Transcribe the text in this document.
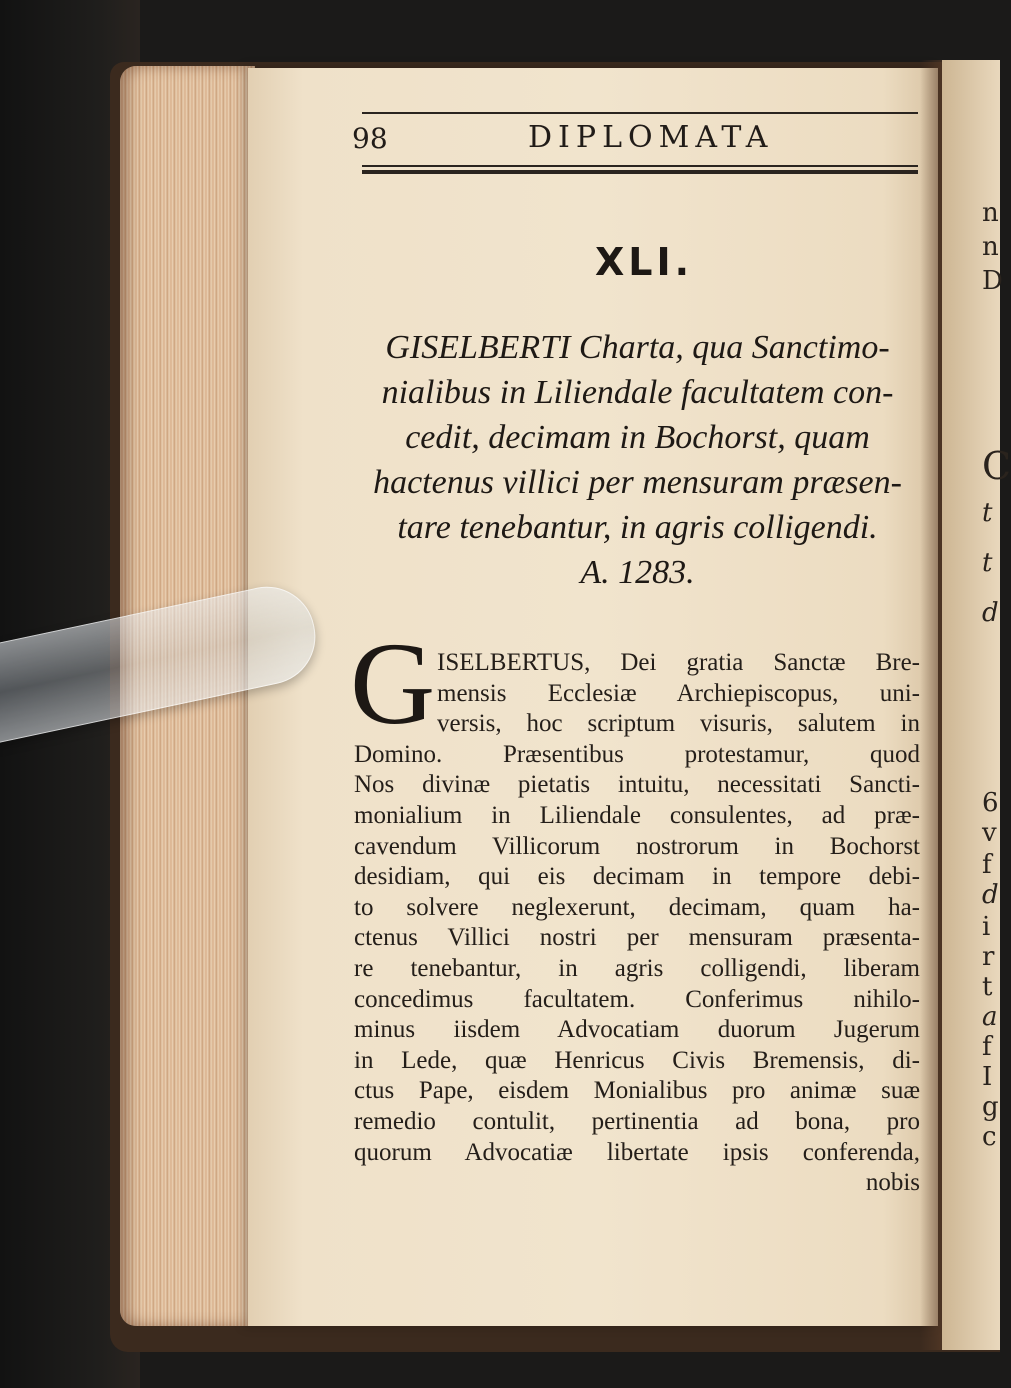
n
n
D
C
t
t
d
6
v
f
d
i
r
t
a
f
I
g
c
98	DIPLOMATA
XLI.
GISELBERTI Charta, qua Sanctimo-
nialibus in Liliendale facultatem con-
cedit, decimam in Bochorst, quam
hactenus villici per mensuram præsen-
tare tenebantur, in agris colligendi.
A. 1283.
G ISELBERTUS, Dei gratia Sanctæ Bre-
mensis Ecclesiæ Archiepiscopus, uni-
versis, hoc scriptum visuris, salutem in
Domino. Præsentibus protestamur, quod
Nos divinæ pietatis intuitu, necessitati Sancti-
monialium in Liliendale consulentes, ad præ-
cavendum Villicorum nostrorum in Bochorst
desidiam, qui eis decimam in tempore debi-
to solvere neglexerunt, decimam, quam ha-
ctenus Villici nostri per mensuram præsenta-
re tenebantur, in agris colligendi, liberam
concedimus facultatem. Conferimus nihilo-
minus iisdem Advocatiam duorum Jugerum
in Lede, quæ Henricus Civis Bremensis, di-
ctus Pape, eisdem Monialibus pro animæ suæ
remedio contulit, pertinentia ad bona, pro
quorum Advocatiæ libertate ipsis conferenda,
nobis
